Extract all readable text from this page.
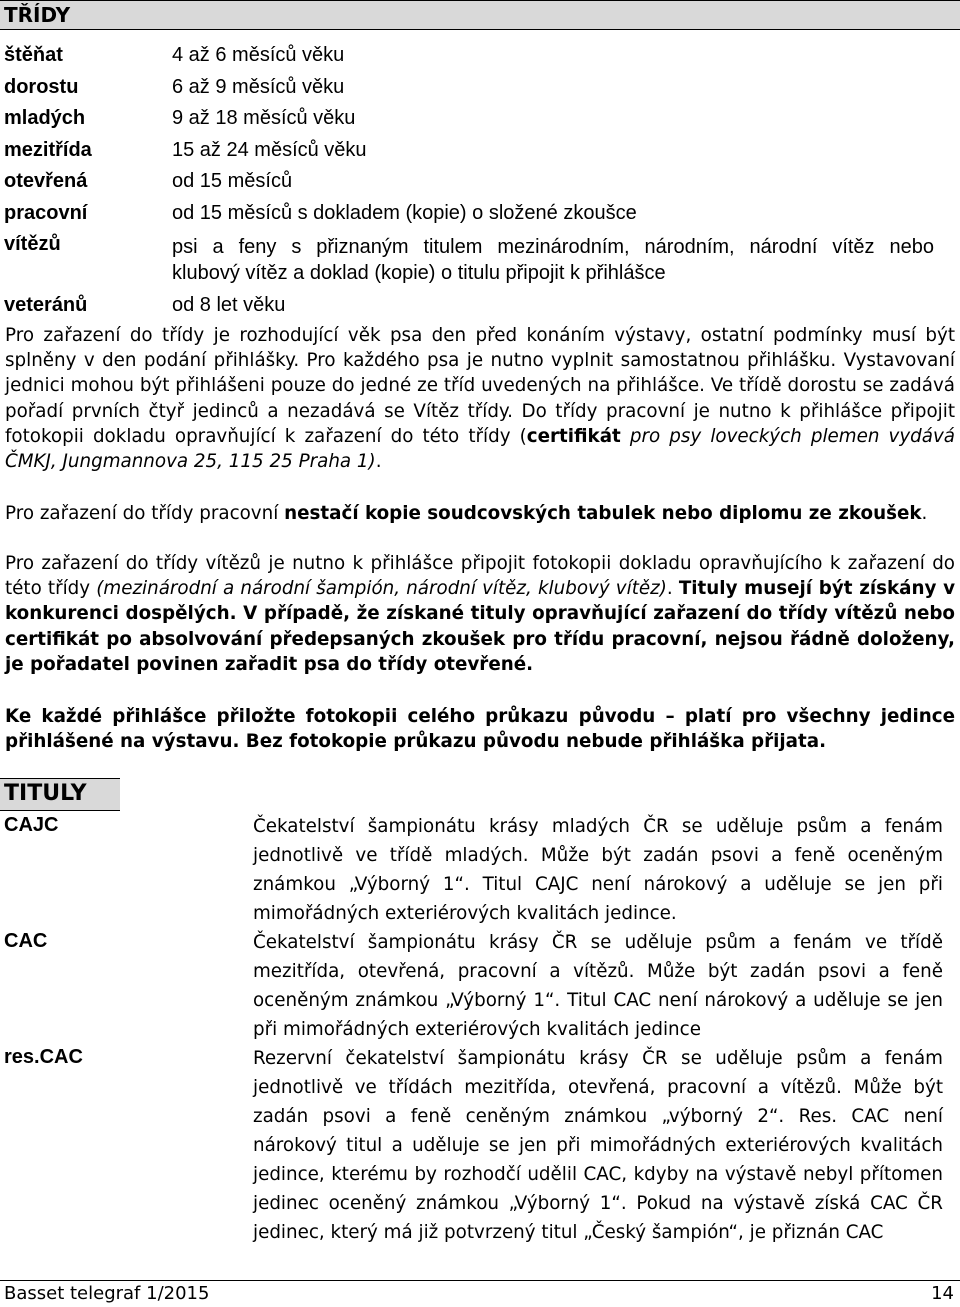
TŘÍDY
štěňat	4 až 6 měsíců věku
dorostu	6 až 9 měsíců věku
mladých	9 až 18 měsíců věku
mezitřída	15 až 24 měsíců věku
otevřená	od 15 měsíců
pracovní	od 15 měsíců s dokladem (kopie) o složené zkoušce
vítězů	psi a feny s přiznaným titulem mezinárodním, národním, národní vítěz nebo
klubový vítěz a doklad (kopie) o titulu připojit k přihlášce
veteránů	od 8 let věku
Pro zařazení do třídy je rozhodující věk psa den před konáním výstavy, ostatní podmínky musí být splněny v den podání přihlášky. Pro každého psa je nutno vyplnit samostatnou přihlášku. Vystavovaní jednici mohou být přihlášeni pouze do jedné ze tříd uvedených na přihlášce. Ve třídě dorostu se zadává pořadí prvních čtyř jedinců a nezadává se Vítěz třídy. Do třídy pracovní je nutno k přihlášce připojit fotokopii dokladu opravňující k zařazení do této třídy (certifikát pro psy loveckých plemen vydává ČMKJ, Jungmannova 25, 115 25 Praha 1).
Pro zařazení do třídy pracovní nestačí kopie soudcovských tabulek nebo diplomu ze zkoušek.
Pro zařazení do třídy vítězů je nutno k přihlášce připojit fotokopii dokladu opravňujícího k zařazení do této třídy (mezinárodní a národní šampión, národní vítěz, klubový vítěz). Tituly musejí být získány v konkurenci dospělých. V případě, že získané tituly opravňující zařazení do třídy vítězů nebo certifikát po absolvování předepsaných zkoušek pro třídu pracovní, nejsou řádně doloženy, je pořadatel povinen zařadit psa do třídy otevřené.
Ke každé přihlášce přiložte fotokopii celého průkazu původu – platí pro všechny jedince přihlášené na výstavu. Bez fotokopie průkazu původu nebude přihláška přijata.
TITULY
CAJC	Čekatelství šampionátu krásy mladých ČR se uděluje psům a fenám jednotlivě ve třídě mladých. Může být zadán psovi a feně oceněným známkou „Výborný 1“. Titul CAJC není nárokový a uděluje se jen při mimořádných exteriérových kvalitách jedince.
CAC	Čekatelství šampionátu krásy ČR se uděluje psům a fenám ve třídě mezitřída, otevřená, pracovní a vítězů. Může být zadán psovi a feně oceněným známkou „Výborný 1“. Titul CAC není nárokový a uděluje se jen při mimořádných exteriérových kvalitách jedince
res.CAC	Rezervní čekatelství šampionátu krásy ČR se uděluje psům a fenám jednotlivě ve třídách mezitřída, otevřená, pracovní a vítězů. Může být zadán psovi a feně ceněným známkou „výborný 2“. Res. CAC není nárokový titul a uděluje se jen při mimořádných exteriérových kvalitách jedince, kterému by rozhodčí udělil CAC, kdyby na výstavě nebyl přítomen jedinec oceněný známkou „Výborný 1“. Pokud na výstavě získá CAC ČR jedinec, který má již potvrzený titul „Český šampión“, je přiznán CAC
Basset telegraf 1/2015	14
